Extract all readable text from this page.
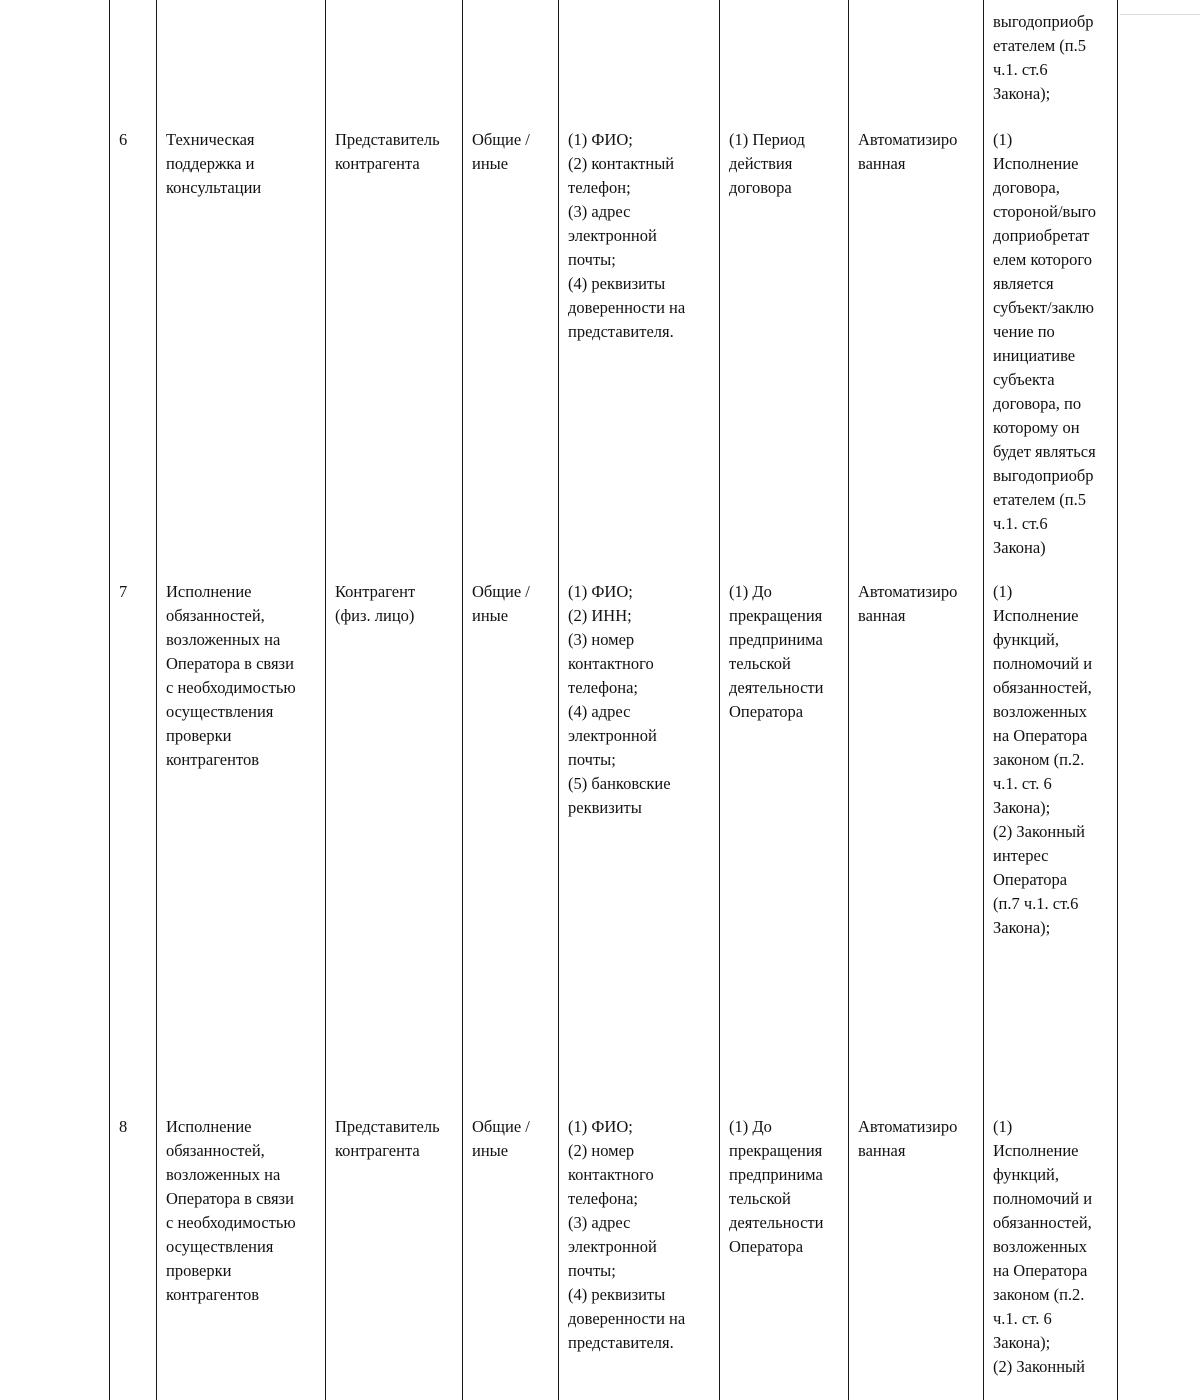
выгодоприобр
етателем (п.5
ч.1. ст.6
Закона);
6 Техническая
поддержка и
консультации
Представитель
контрагента
Общие /
иные
(1) ФИО;
(2) контактный
телефон;
(3) адрес
электронной
почты;
(4) реквизиты
доверенности на
представителя.
(1) Период
действия
договора
Автоматизиро
ванная
(1)
Исполнение
договора,
стороной/выго
доприобретат
елем которого
является
субъект/заклю
чение по
инициативе
субъекта
договора, по
которому он
будет являться
выгодоприобр
етателем (п.5
ч.1. ст.6
Закона)
7 Исполнение
обязанностей,
возложенных на
Оператора в связи
с необходимостью
осуществления
проверки
контрагентов
Контрагент
(физ. лицо)
Общие /
иные
(1) ФИО;
(2) ИНН;
(3) номер
контактного
телефона;
(4) адрес
электронной
почты;
(5) банковские
реквизиты
(1) До
прекращения
предпринима
тельской
деятельности
Оператора
Автоматизиро
ванная
(1)
Исполнение
функций,
полномочий и
обязанностей,
возложенных
на Оператора
законом (п.2.
ч.1. ст. 6
Закона);
(2) Законный
интерес
Оператора
(п.7 ч.1. ст.6
Закона);
8 Исполнение
обязанностей,
возложенных на
Оператора в связи
с необходимостью
осуществления
проверки
контрагентов
Представитель
контрагента
Общие /
иные
(1) ФИО;
(2) номер
контактного
телефона;
(3) адрес
электронной
почты;
(4) реквизиты
доверенности на
представителя.
(1) До
прекращения
предпринима
тельской
деятельности
Оператора
Автоматизиро
ванная
(1)
Исполнение
функций,
полномочий и
обязанностей,
возложенных
на Оператора
законом (п.2.
ч.1. ст. 6
Закона);
(2) Законный
